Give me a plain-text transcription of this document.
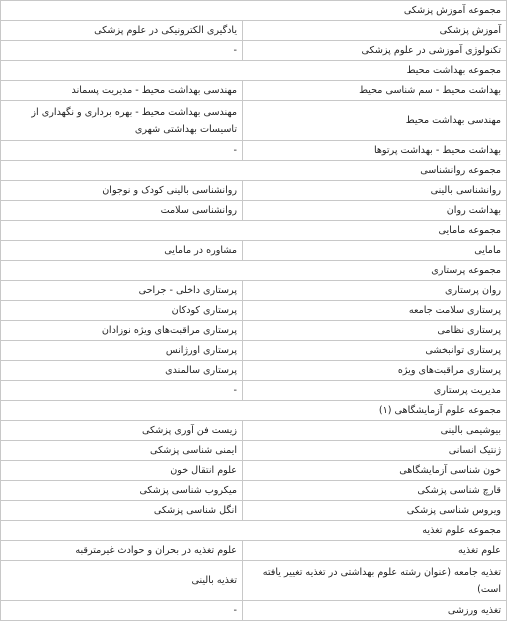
مجموعه آموزش پزشکی	
آموزش پزشکی	یادگیری الکترونیکی در علوم پزشکی
تکنولوژی آموزشی در علوم پزشکی	-
مجموعه بهداشت محیط	
بهداشت محیط - سم شناسی محیط	مهندسی بهداشت محیط - مدیریت پسماند
مهندسی بهداشت محیط	مهندسی بهداشت محیط - بهره برداری و نگهداری از تاسیسات بهداشتی شهری
بهداشت محیط - بهداشت پرتوها	-
مجموعه روانشناسی	
روانشناسی بالینی	روانشناسی بالینی کودک و نوجوان
بهداشت روان	روانشناسی سلامت
مجموعه مامایی	
مامایی	مشاوره در مامایی
مجموعه پرستاری	
روان پرستاری	پرستاری داخلی - جراحی
پرستاری سلامت جامعه	پرستاری کودکان
پرستاری نظامی	پرستاری مراقبت‌های ویژه نوزادان
پرستاری توانبخشی	پرستاری اورژانس
پرستاری مراقبت‌های ویژه	پرستاری سالمندی
مدیریت پرستاری	-
مجموعه علوم آزمایشگاهی (۱)	
بیوشیمی بالینی	زیست فن آوری پزشکی
ژنتیک انسانی	ایمنی شناسی پزشکی
خون شناسی آزمایشگاهی	علوم انتقال خون
قارچ شناسی پزشکی	میکروب شناسی پزشکی
ویروس شناسی پزشکی	انگل شناسی پزشکی
مجموعه علوم تغذیه	
علوم تغذیه	علوم تغذیه در بحران و حوادث غیرمترقبه
تغذیه جامعه (عنوان رشته علوم بهداشتی در تغذیه تغییر یافته است)	تغذیه بالینی
تغذیه ورزشی	-
